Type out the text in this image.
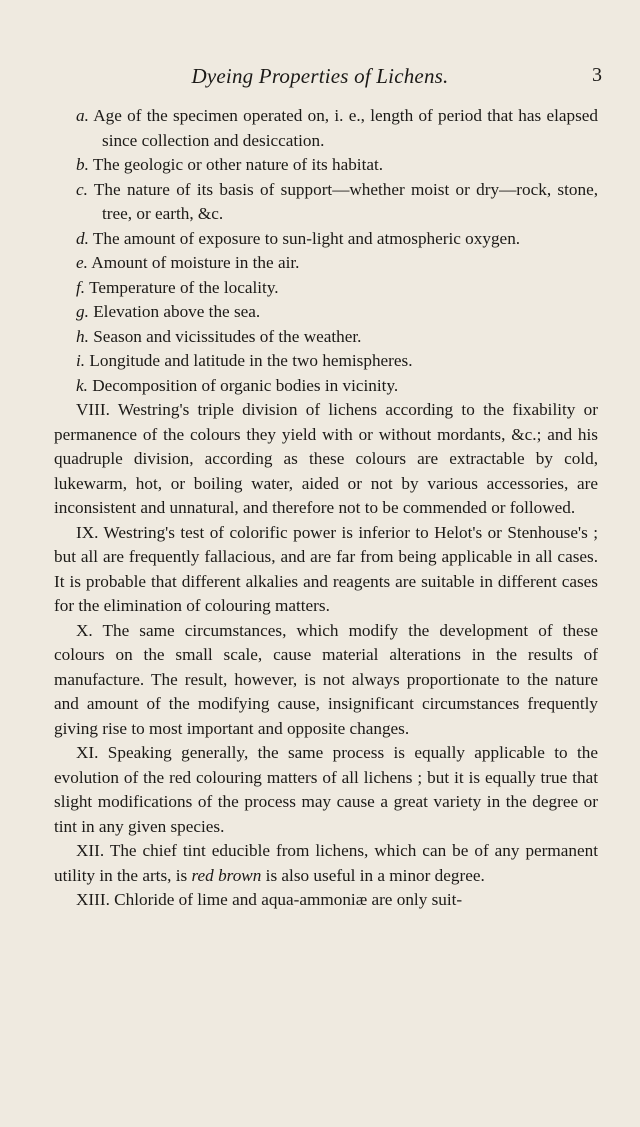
Dyeing Properties of Lichens.	3

a. Age of the specimen operated on, i. e., length of period that has elapsed since collection and desiccation.

b. The geologic or other nature of its habitat.

c. The nature of its basis of support—whether moist or dry—rock, stone, tree, or earth, &c.

d. The amount of exposure to sun-light and atmospheric oxygen.

e. Amount of moisture in the air.

f. Temperature of the locality.

g. Elevation above the sea.

h. Season and vicissitudes of the weather.

i. Longitude and latitude in the two hemispheres.

k. Decomposition of organic bodies in vicinity.

VIII. Westring's triple division of lichens according to the fixability or permanence of the colours they yield with or without mordants, &c.; and his quadruple division, according as these colours are extractable by cold, lukewarm, hot, or boiling water, aided or not by various accessories, are inconsistent and unnatural, and therefore not to be commended or followed.

IX. Westring's test of colorific power is inferior to Helot's or Stenhouse's ; but all are frequently fallacious, and are far from being applicable in all cases. It is probable that different alkalies and reagents are suitable in different cases for the elimination of colouring matters.

X. The same circumstances, which modify the development of these colours on the small scale, cause material alterations in the results of manufacture. The result, however, is not always proportionate to the nature and amount of the modifying cause, insignificant circumstances frequently giving rise to most important and opposite changes.

XI. Speaking generally, the same process is equally applicable to the evolution of the red colouring matters of all lichens ; but it is equally true that slight modifications of the process may cause a great variety in the degree or tint in any given species.

XII. The chief tint educible from lichens, which can be of any permanent utility in the arts, is red brown is also useful in a minor degree.

XIII. Chloride of lime and aqua-ammoniæ are only suit-
